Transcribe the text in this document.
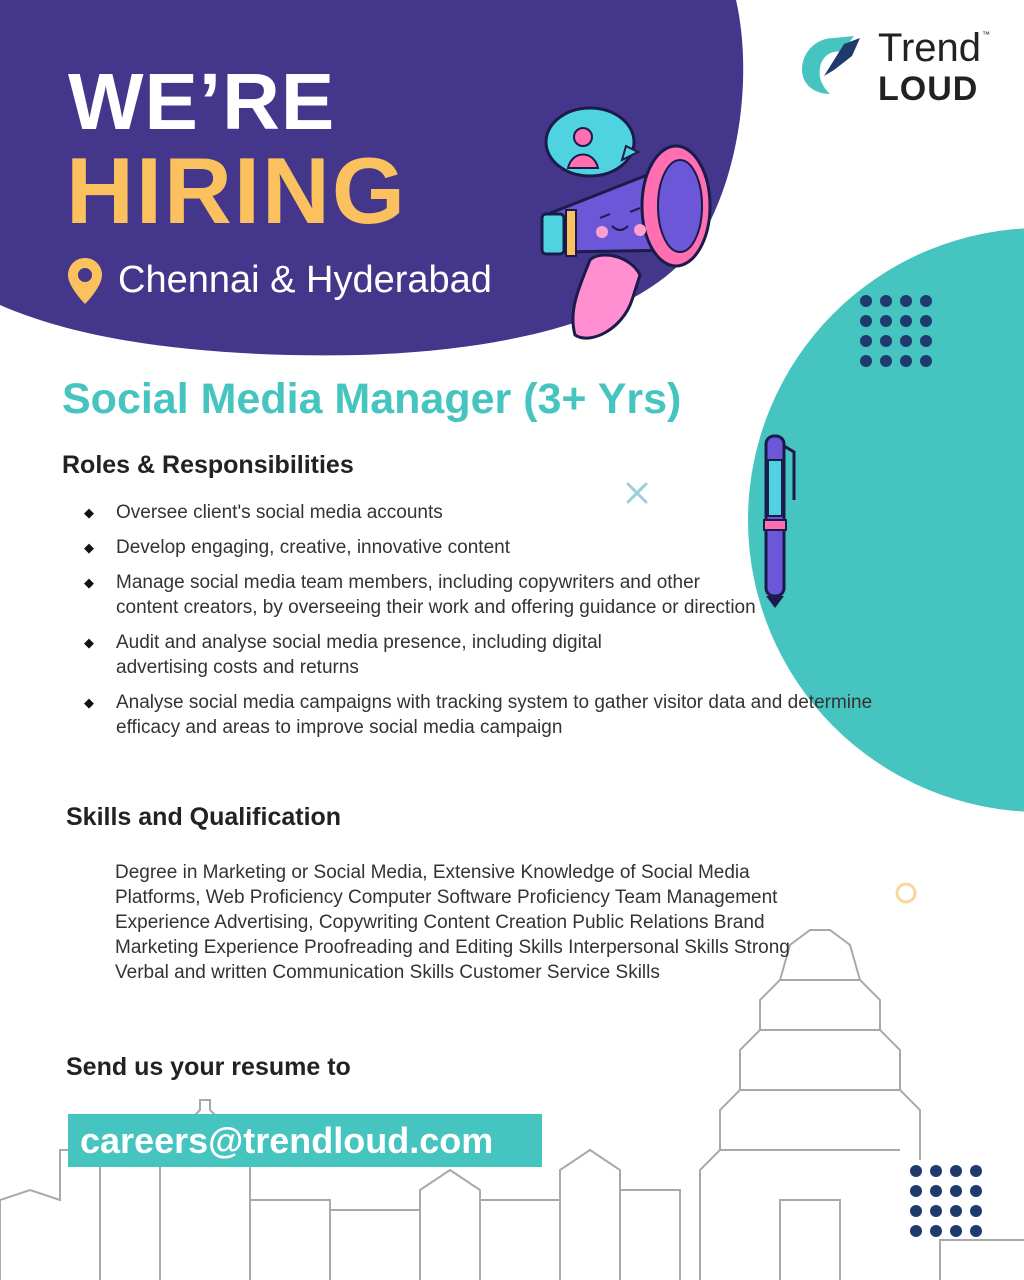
WE’RE
HIRING
Chennai & Hyderabad
Trend
LOUD
™
Social Media Manager (3+ Yrs)
Roles & Responsibilities
◆ Oversee client's social media accounts
◆ Develop engaging, creative, innovative content
◆ Manage social media team members, including copywriters and other content creators, by overseeing their work and offering guidance or direction
◆ Audit and analyse social media presence, including digital advertising costs and returns
◆ Analyse social media campaigns with tracking system to gather visitor data and determine efficacy and areas to improve social media campaign
Skills and Qualification
Degree in Marketing or Social Media, Extensive Knowledge of Social Media Platforms, Web Proficiency Computer Software Proficiency Team Management Experience Advertising, Copywriting Content Creation Public Relations Brand Marketing Experience Proofreading and Editing Skills Interpersonal Skills Strong Verbal and written Communication Skills Customer Service Skills
Send us your resume to
careers@trendloud.com
